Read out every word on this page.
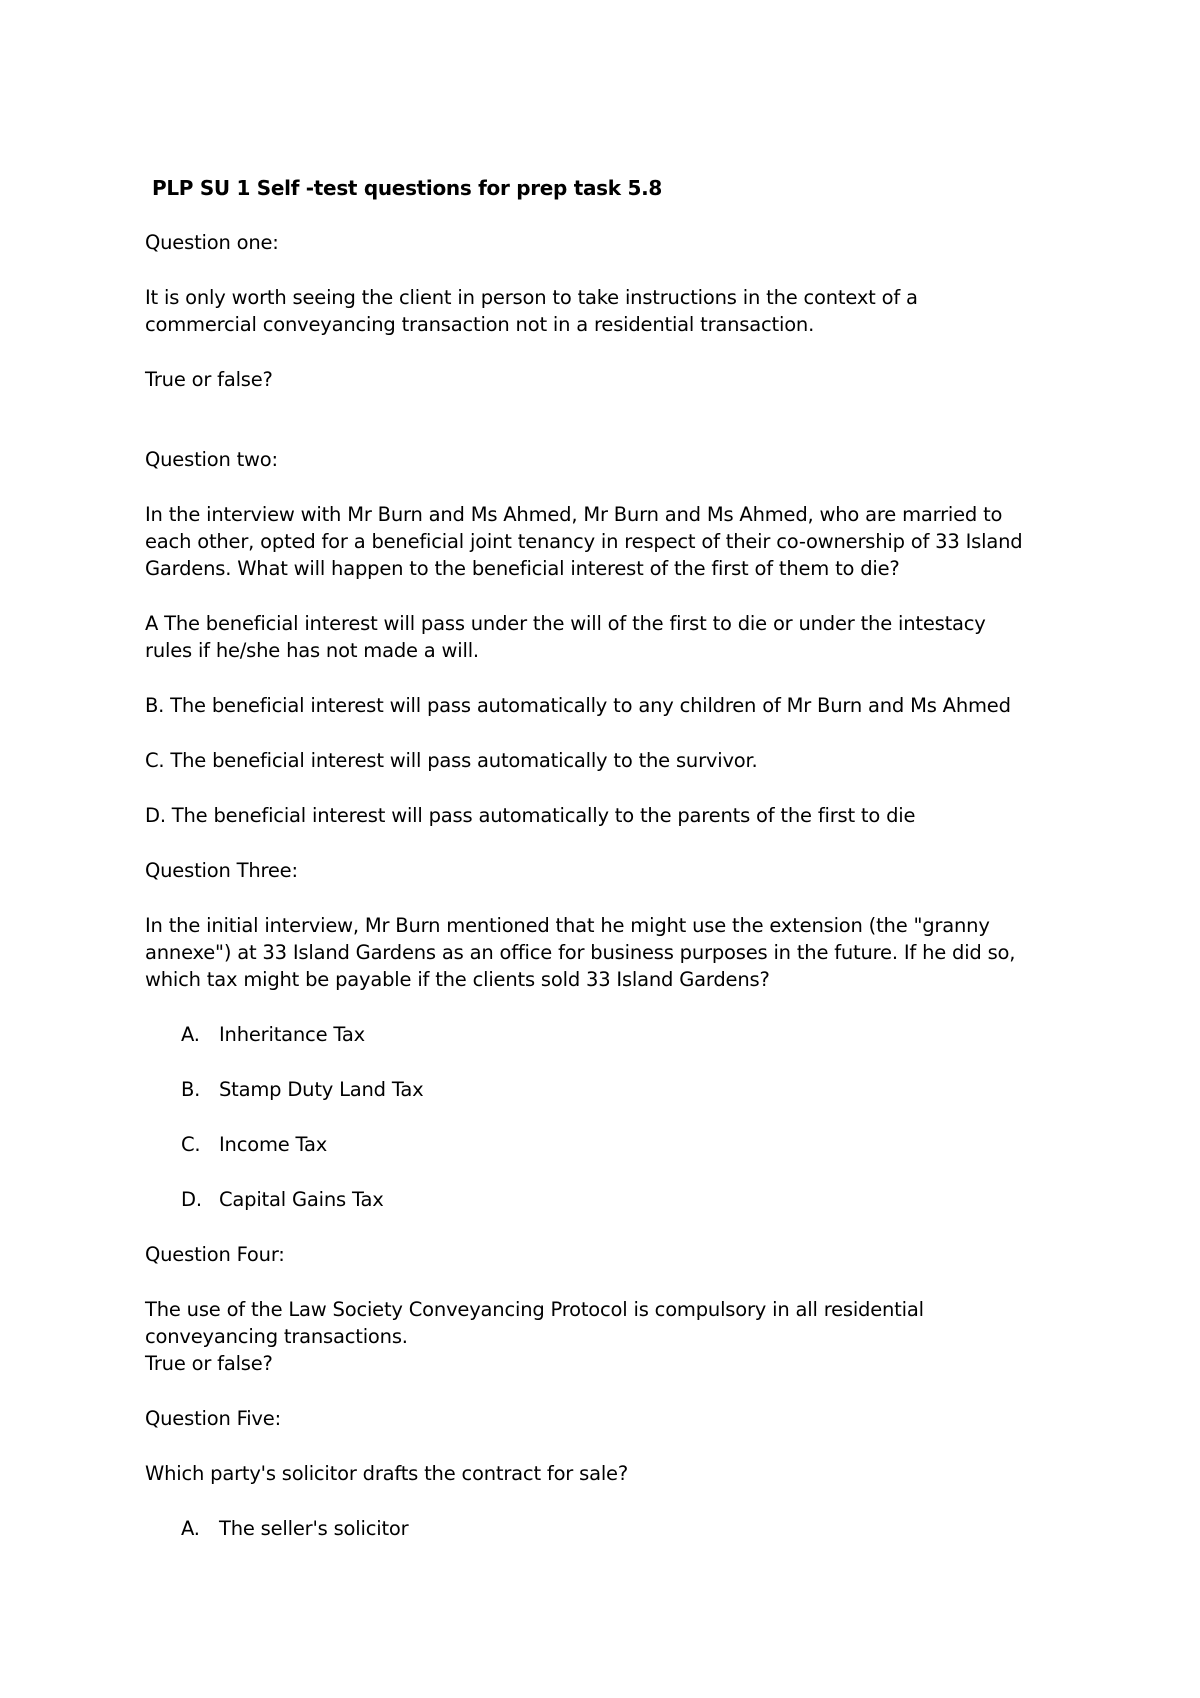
PLP SU 1 Self -test questions for prep task 5.8
Question one:
It is only worth seeing the client in person to take instructions in the context of a
commercial conveyancing transaction not in a residential transaction.
True or false?
Question two:
In the interview with Mr Burn and Ms Ahmed, Mr Burn and Ms Ahmed, who are married to
each other, opted for a beneficial joint tenancy in respect of their co-ownership of 33 Island
Gardens. What will happen to the beneficial interest of the first of them to die?
A The beneficial interest will pass under the will of the first to die or under the intestacy
rules if he/she has not made a will.
B. The beneficial interest will pass automatically to any children of Mr Burn and Ms Ahmed
C. The beneficial interest will pass automatically to the survivor.
D. The beneficial interest will pass automatically to the parents of the first to die
Question Three:
In the initial interview, Mr Burn mentioned that he might use the extension (the "granny
annexe") at 33 Island Gardens as an office for business purposes in the future. If he did so,
which tax might be payable if the clients sold 33 Island Gardens?
A. Inheritance Tax
B. Stamp Duty Land Tax
C. Income Tax
D. Capital Gains Tax
Question Four:
The use of the Law Society Conveyancing Protocol is compulsory in all residential
conveyancing transactions.
True or false?
Question Five:
Which party's solicitor drafts the contract for sale?
A. The seller's solicitor
